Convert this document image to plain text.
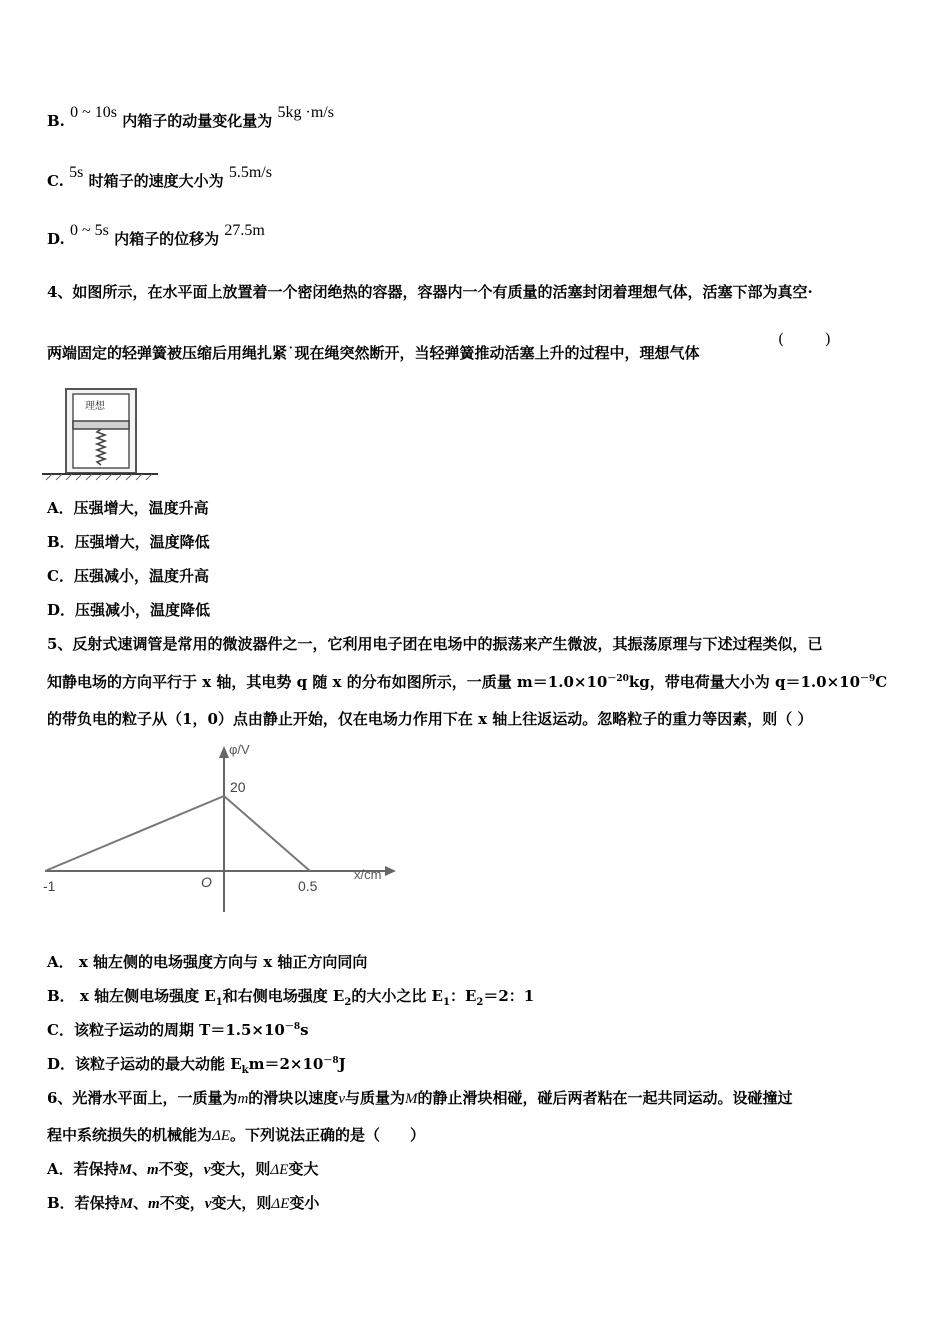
B. 0 ~ 10s 内箱子的动量变化量为 5kg ·m/s
C. 5s 时箱子的速度大小为 5.5m/s
D. 0 ~ 5s 内箱子的位移为 27.5m
4、如图所示，在水平面上放置着一个密闭绝热的容器，容器内一个有质量的活塞封闭着理想气体，活塞下部为真空·
两端固定的轻弹簧被压缩后用绳扎紧˙现在绳突然断开，当轻弹簧推动活塞上升的过程中，理想气体
(	)
理想
A．压强增大，温度升高
B．压强增大，温度降低
C．压强减小，温度升高
D．压强减小，温度降低
5、反射式速调管是常用的微波器件之一，它利用电子团在电场中的振荡来产生微波，其振荡原理与下述过程类似，已
知静电场的方向平行于 x 轴，其电势 q 随 x 的分布如图所示，一质量 $m=1.0\times 10^{-20}kg$，带电荷量大小为 $q=1.0\times 10^{-9}C$
的带负电的粒子从（1，0）点由静止开始，仅在电场力作用下在 x 轴上往返运动。忽略粒子的重力等因素，则（ ）
φ/V
x/cm
20
O
-1	0.5
A． x 轴左侧的电场强度方向与 x 轴正方向同向
B． x 轴左侧电场强度 $E_1$和右侧电场强度 $E_2$的大小之比 $E_1$：$E_2=2$：1
C．该粒子运动的周期 $T=1.5\times 10^{-8}s$
D．该粒子运动的最大动能 $E_km=2\times 10^{-8}J$
6、光滑水平面上，一质量为m的滑块以速度v与质量为M的静止滑块相碰，碰后两者粘在一起共同运动。设碰撞过
程中系统损失的机械能为ΔE。下列说法正确的是（　　）
A．若保持M、m不变，v变大，则ΔE变大
B．若保持M、m不变，v变大，则ΔE变小
